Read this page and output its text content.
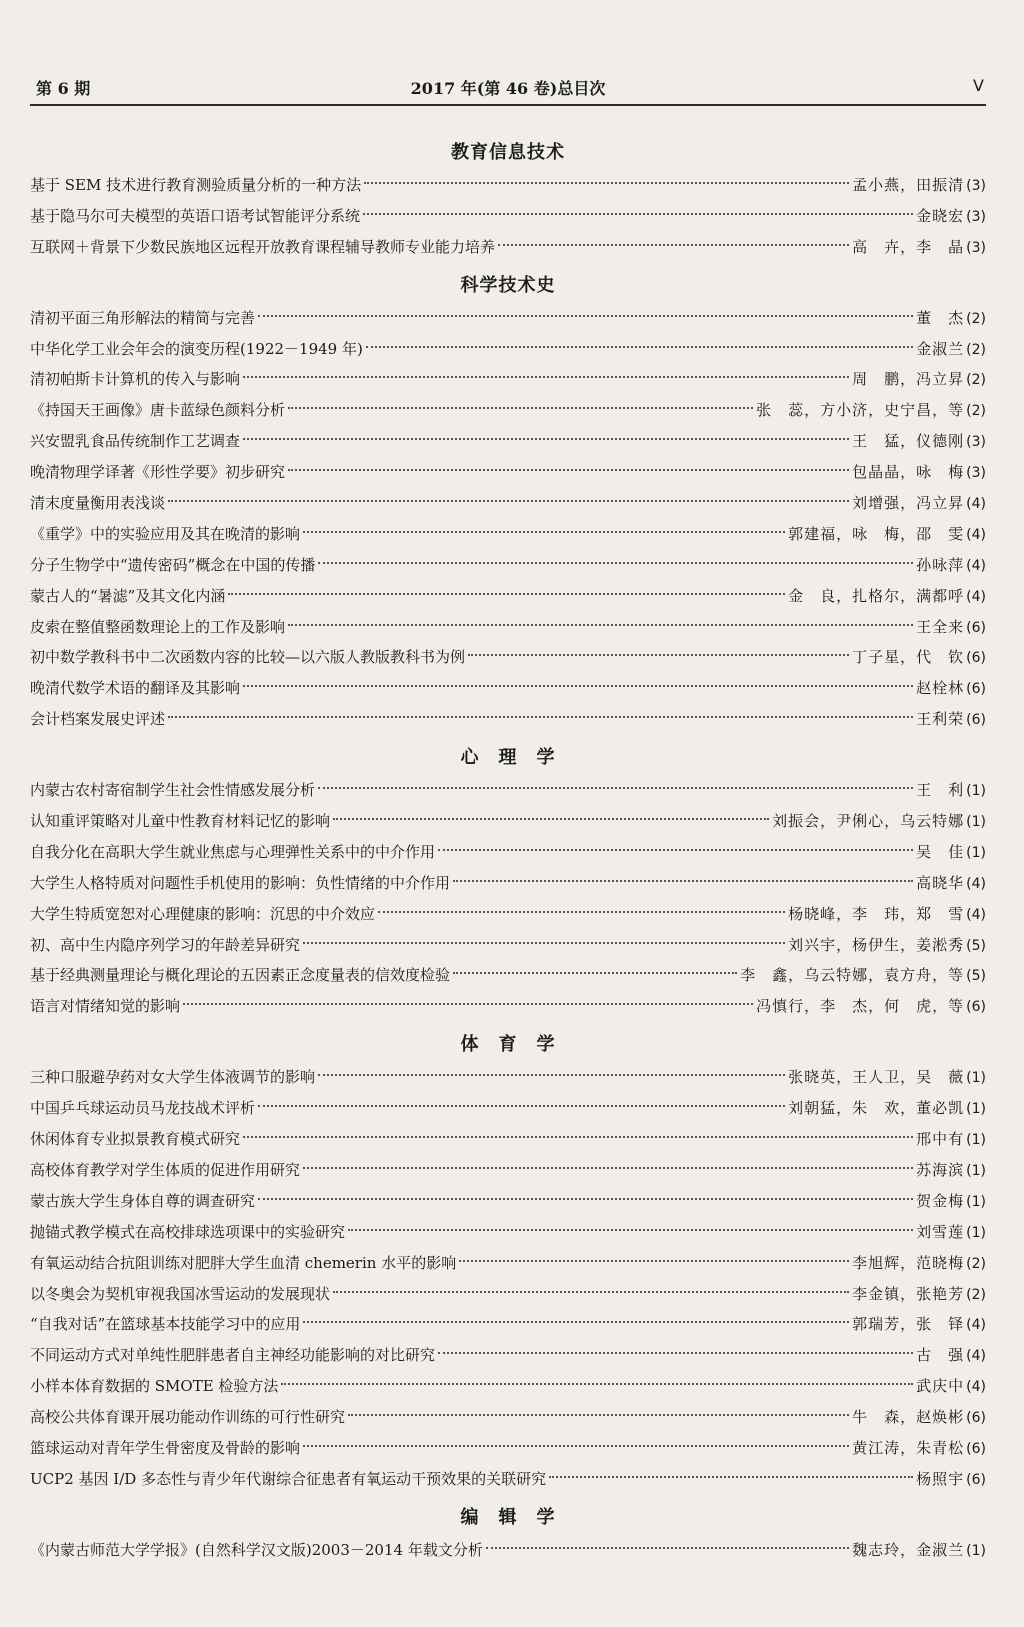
第 6 期	2017 年(第 46 卷)总目次	V
教育信息技术
基于 SEM 技术进行教育测验质量分析的一种方法	孟小燕，田振清 (3)
基于隐马尔可夫模型的英语口语考试智能评分系统	金晓宏 (3)
互联网＋背景下少数民族地区远程开放教育课程辅导教师专业能力培养	高　卉，李　晶 (3)
科学技术史
清初平面三角形解法的精简与完善	董　杰 (2)
中华化学工业会年会的演变历程(1922－1949 年)	金淑兰 (2)
清初帕斯卡计算机的传入与影响	周　鹏，冯立昇 (2)
《持国天王画像》唐卡蓝绿色颜料分析	张　蕊，方小济，史宁昌，等 (2)
兴安盟乳食品传统制作工艺调查	王　猛，仪德刚 (3)
晚清物理学译著《形性学要》初步研究	包晶晶，咏　梅 (3)
清末度量衡用表浅谈	刘增强，冯立昇 (4)
《重学》中的实验应用及其在晚清的影响	郭建福，咏　梅，邵　雯 (4)
分子生物学中“遗传密码”概念在中国的传播	孙咏萍 (4)
蒙古人的“暑滤”及其文化内涵	金　良，扎格尔，满都呼 (4)
皮索在整值整函数理论上的工作及影响	王全来 (6)
初中数学教科书中二次函数内容的比较—以六版人教版教科书为例	丁子星，代　钦 (6)
晚清代数学术语的翻译及其影响	赵栓林 (6)
会计档案发展史评述	王利荣 (6)
心　理　学
内蒙古农村寄宿制学生社会性情感发展分析	王　利 (1)
认知重评策略对儿童中性教育材料记忆的影响	刘振会，尹俐心，乌云特娜 (1)
自我分化在高职大学生就业焦虑与心理弹性关系中的中介作用	吴　佳 (1)
大学生人格特质对问题性手机使用的影响：负性情绪的中介作用	高晓华 (4)
大学生特质宽恕对心理健康的影响：沉思的中介效应	杨晓峰，李　玮，郑　雪 (4)
初、高中生内隐序列学习的年龄差异研究	刘兴宇，杨伊生，姜淞秀 (5)
基于经典测量理论与概化理论的五因素正念度量表的信效度检验	李　鑫，乌云特娜，袁方舟，等 (5)
语言对情绪知觉的影响	冯慎行，李　杰，何　虎，等 (6)
体　育　学
三种口服避孕药对女大学生体液调节的影响	张晓英，王人卫，吴　薇 (1)
中国乒乓球运动员马龙技战术评析	刘朝猛，朱　欢，董必凯 (1)
休闲体育专业拟景教育模式研究	邢中有 (1)
高校体育教学对学生体质的促进作用研究	苏海滨 (1)
蒙古族大学生身体自尊的调查研究	贺金梅 (1)
抛锚式教学模式在高校排球选项课中的实验研究	刘雪莲 (1)
有氧运动结合抗阻训练对肥胖大学生血清 chemerin 水平的影响	李旭辉，范晓梅 (2)
以冬奥会为契机审视我国冰雪运动的发展现状	李金镇，张艳芳 (2)
“自我对话”在篮球基本技能学习中的应用	郭瑞芳，张　铎 (4)
不同运动方式对单纯性肥胖患者自主神经功能影响的对比研究	古　强 (4)
小样本体育数据的 SMOTE 检验方法	武庆中 (4)
高校公共体育课开展功能动作训练的可行性研究	牛　森，赵焕彬 (6)
篮球运动对青年学生骨密度及骨龄的影响	黄江涛，朱青松 (6)
UCP2 基因 I/D 多态性与青少年代谢综合征患者有氧运动干预效果的关联研究	杨照宇 (6)
编　辑　学
《内蒙古师范大学学报》(自然科学汉文版)2003－2014 年载文分析	魏志玲，金淑兰 (1)
